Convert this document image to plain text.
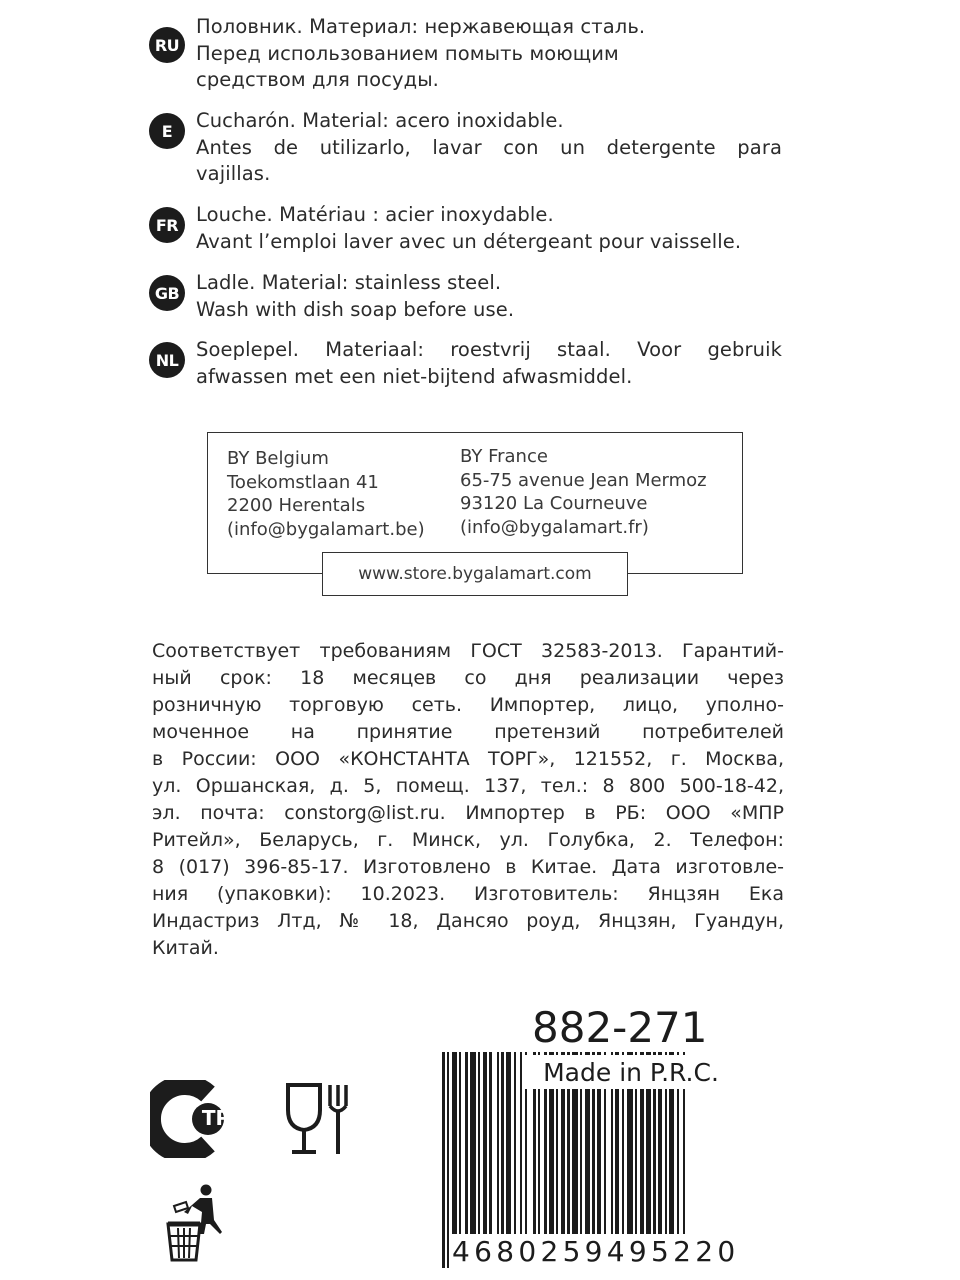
RU
Половник. Материал: нержавеющая сталь.
Перед использованием помыть моющим
средством для посуды.
E	Cucharón. Material: acero inoxidable.
Antes de utilizarlo, lavar con un detergente para
vajillas.
FR Louche. Matériau : acier inoxydable.
Avant l’emploi laver avec un détergeant pour vaisselle.
GB Ladle. Material: stainless steel.
Wash with dish soap before use.
NL Soeplepel. Materiaal: roestvrij staal. Voor gebruik
afwassen met een niet-bijtend afwasmiddel.
BY Belgium
Toekomstlaan 41
2200 Herentals
(info@bygalamart.be)
BY France
65-75 avenue Jean Mermoz
93120 La Courneuve
(info@bygalamart.fr)
www.store.bygalamart.com
Соответствует требованиям ГОСТ 32583-2013. Гарантий-
ный срок: 18 месяцев со дня реализации через
розничную торговую сеть. Импортер, лицо, уполно-
моченное на принятие претензий потребителей
в России: ООО «КОНСТАНТА ТОРГ», 121552, г. Москва,
ул. Оршанская, д. 5, помещ. 137, тел.: 8 800 500-18-42,
эл. почта: constorg@list.ru. Импортер в РБ: ООО «МПР
Ритейл», Беларусь, г. Минск, ул. Голубка, 2. Телефон:
8 (017) 396-85-17. Изготовлено в Китае. Дата изготовле-
ния (упаковки): 10.2023. Изготовитель: Янцзян Ека
Индастриз Лтд, № 18, Дансяо роуд, Янцзян, Гуандун,
Китай.
882-271
Made in P.R.C.
4680259495220
ТР
